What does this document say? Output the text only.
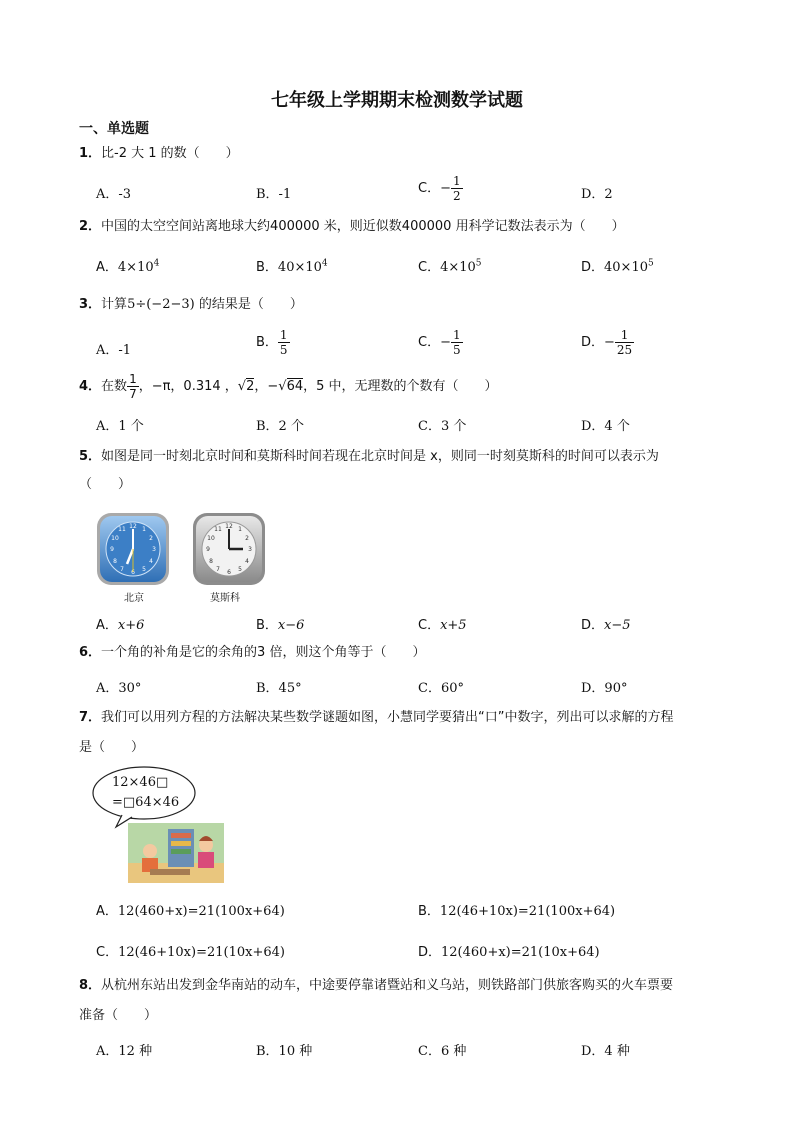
七年级上学期期末检测数学试题
一、单选题
1．比-2 大 1 的数（　　）
A．-3	B．-1	C．− $\frac{1}{2}$	D．2
2．中国的太空空间站离地球大约400000 米，则近似数400000 用科学记数法表示为（　　）
A．$4\times 10^4$	B．$40\times 10^4$	C．$4\times 10^5$	D．$40\times 10^5$
3．计算5÷(−2−3) 的结果是（　　）
A．-1
B． $\frac{1}{5}$	C．− $\frac{1}{5}$	D．− $\frac{1}{25}$
4．在数 $\frac{1}{7}$ ，−π，0.314 ，√2，−√64，5 中，无理数的个数有（　　）
A．1 个	B．2 个	C．3 个	D．4 个
5．如图是同一时刻北京时间和莫斯科时间若现在北京时间是 x，则同一时刻莫斯科的时间可以表示为
（　　）
12
3
6
9
1
2
4
5
7
8
10
11	12
3
6
9
1
2
4
5
7
8
10
11
北京	莫斯科
A．x+6	B．x−6	C．x+5	D．x−5
6．一个角的补角是它的余角的3 倍，则这个角等于（　　）
A．30°	B．45°	C．60°	D．90°
7．我们可以用列方程的方法解决某些数学谜题如图，小慧同学要猜出“口”中数字，列出可以求解的方程
是（　　）
12×46□
=□64×46
A．12(460+x)=21(100x+64)	B．12(46+10x)=21(100x+64)
C．12(46+10x)=21(10x+64)	D．12(460+x)=21(10x+64)
8．从杭州东站出发到金华南站的动车，中途要停靠诸暨站和义乌站，则铁路部门供旅客购买的火车票要
准备（　　）
A．12 种	B．10 种	C．6 种	D．4 种
